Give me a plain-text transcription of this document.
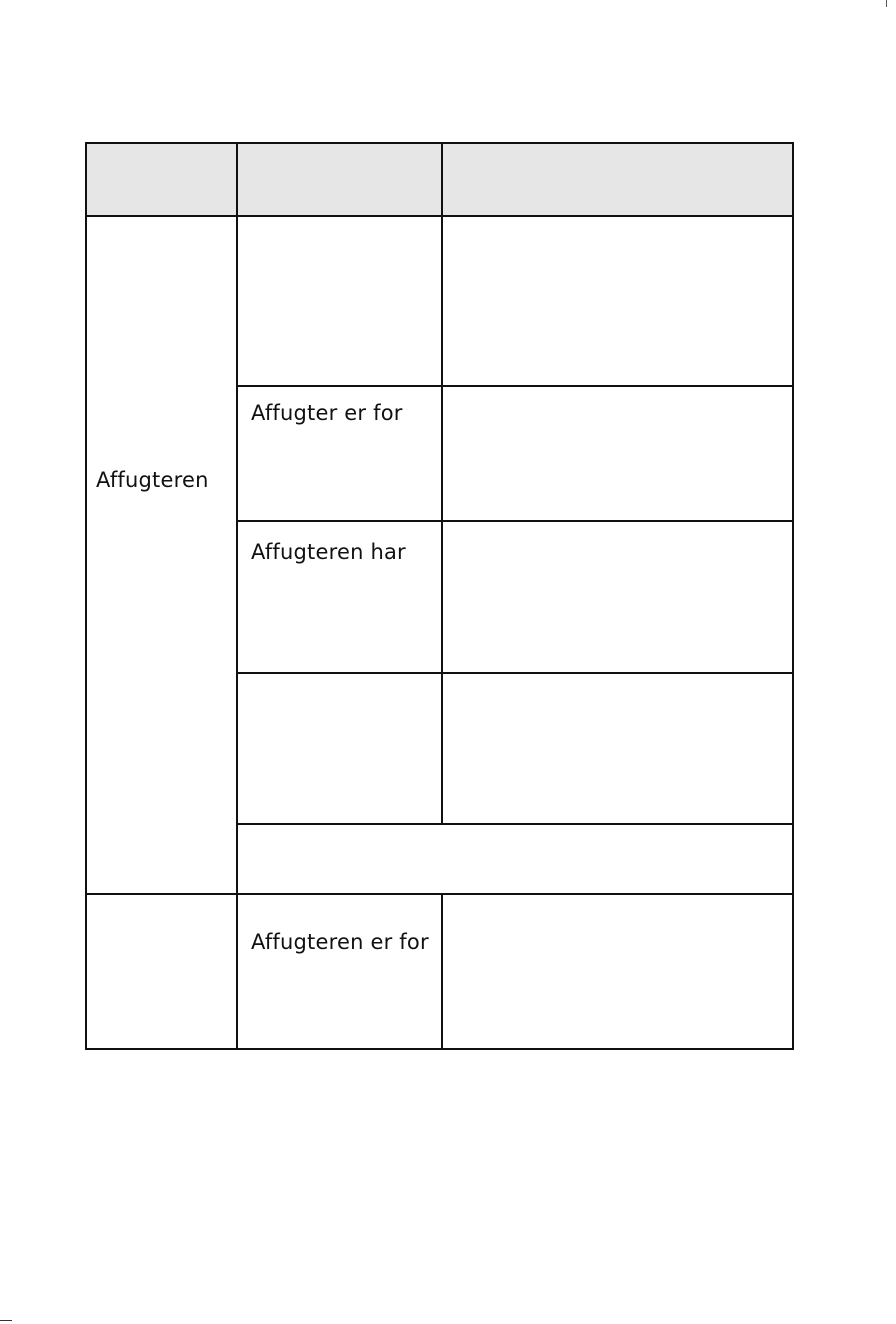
Affugteren
Affugter er for
Affugteren har
Affugteren er for
